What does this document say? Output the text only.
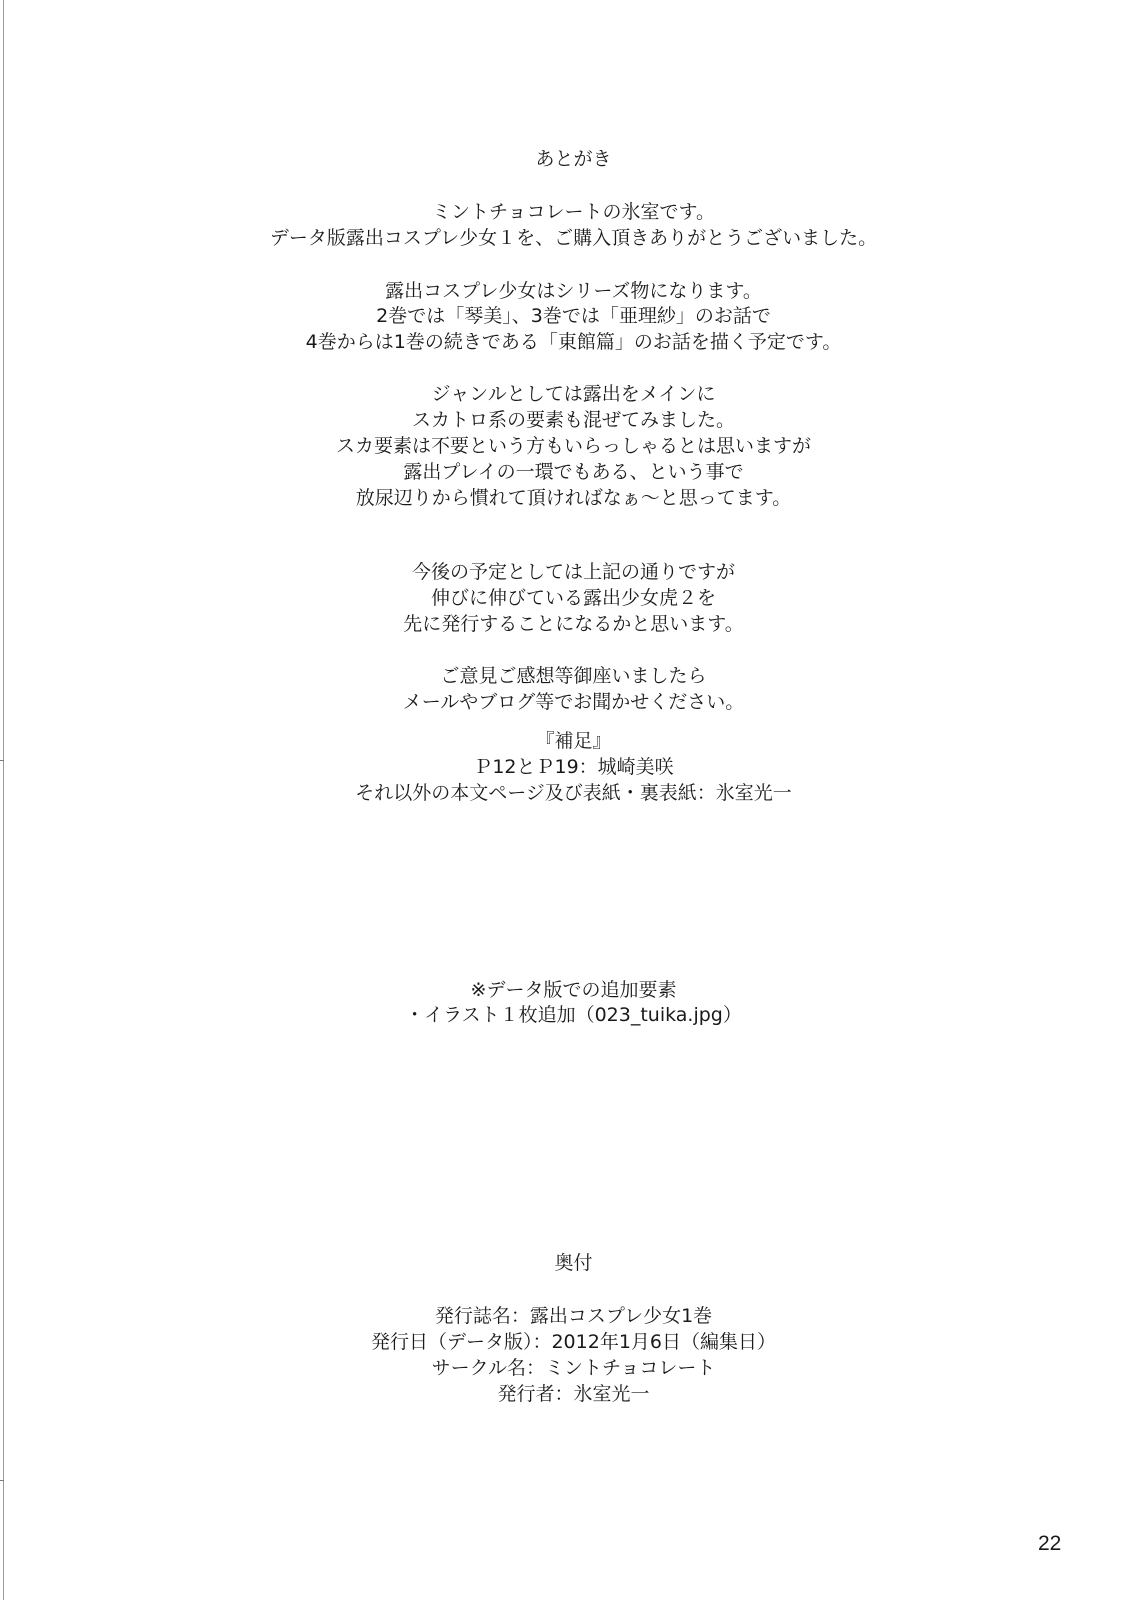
あとがき
ミントチョコレートの氷室です。
データ版露出コスプレ少女１を、ご購入頂きありがとうございました。
露出コスプレ少女はシリーズ物になります。
2巻では「琴美」、3巻では「亜理紗」のお話で
4巻からは1巻の続きである「東館篇」のお話を描く予定です。
ジャンルとしては露出をメインに
スカトロ系の要素も混ぜてみました。
スカ要素は不要という方もいらっしゃるとは思いますが
露出プレイの一環でもある、という事で
放尿辺りから慣れて頂ければなぁ～と思ってます。
今後の予定としては上記の通りですが
伸びに伸びている露出少女虎２を
先に発行することになるかと思います。
ご意見ご感想等御座いましたら
メールやブログ等でお聞かせください。
『補足』
Ｐ12とＰ19：城崎美咲
それ以外の本文ページ及び表紙・裏表紙：氷室光一
※データ版での追加要素
・イラスト１枚追加（023_tuika.jpg）
奥付
発行誌名：露出コスプレ少女1巻
発行日（データ版）：2012年1月6日（編集日）
サークル名：ミントチョコレート
発行者：氷室光一
22
